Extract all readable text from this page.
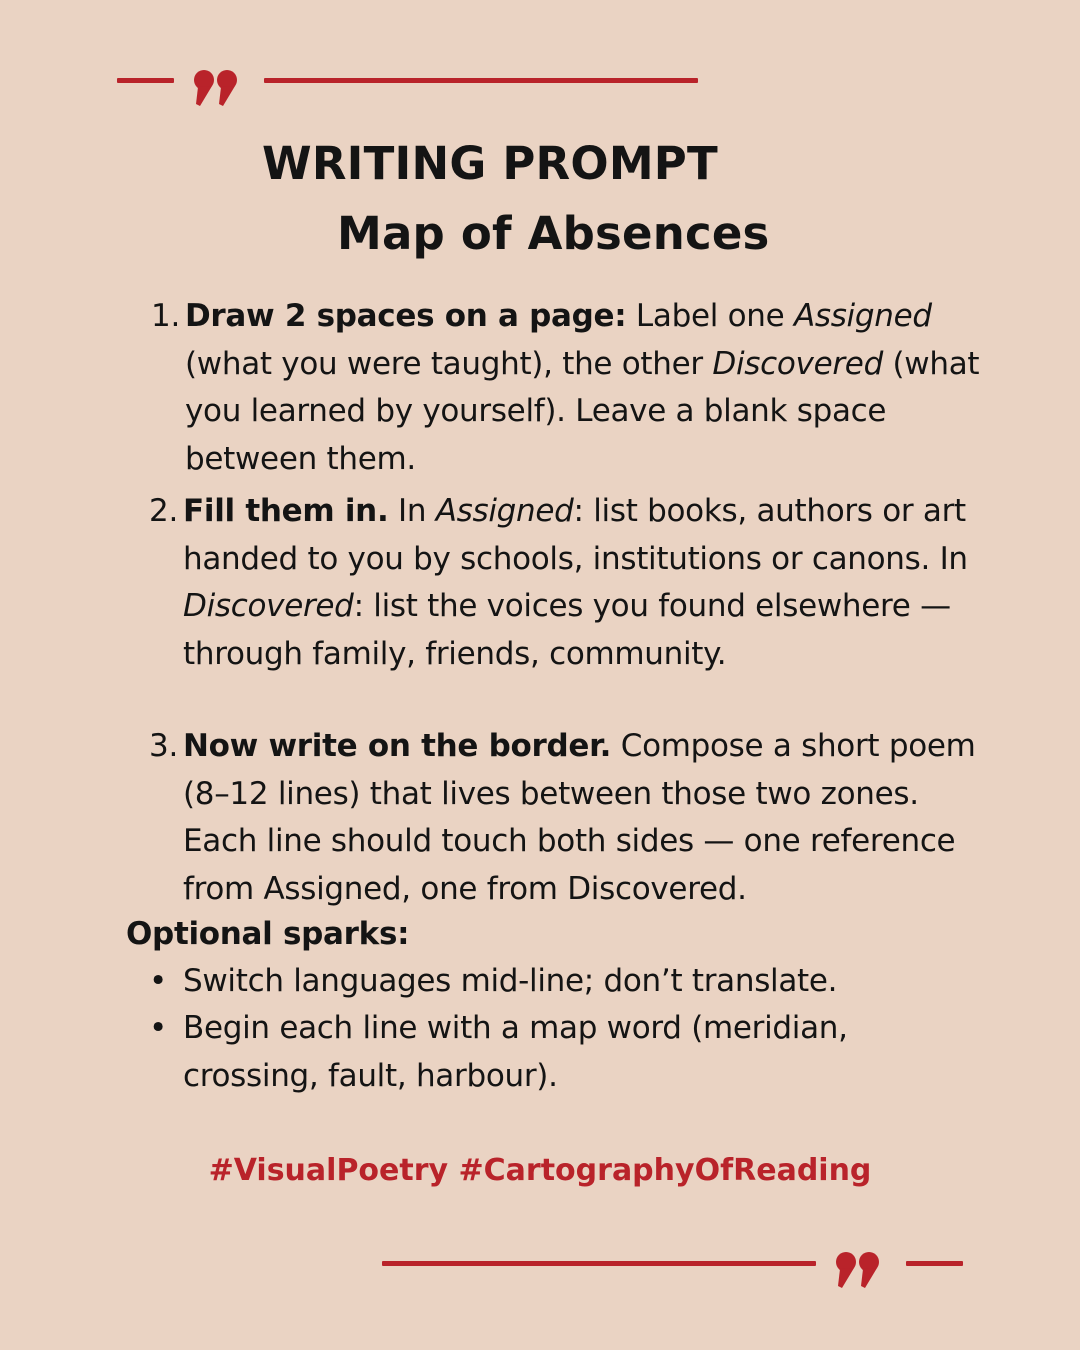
WRITING PROMPT
Map of Absences
1. Draw 2 spaces on a page: Label one Assigned (what you were taught), the other Discovered (what you learned by yourself). Leave a blank space between them.

2. Fill them in. In Assigned: list books, authors or art handed to you by schools, institutions or canons. In Discovered: list the voices you found elsewhere — through family, friends, community.

3. Now write on the border. Compose a short poem (8–12 lines) that lives between those two zones. Each line should touch both sides — one reference from Assigned, one from Discovered.

Optional sparks:

• Switch languages mid-line; don’t translate.
• Begin each line with a map word (meridian, crossing, fault, harbour).

#VisualPoetry #CartographyOfReading
